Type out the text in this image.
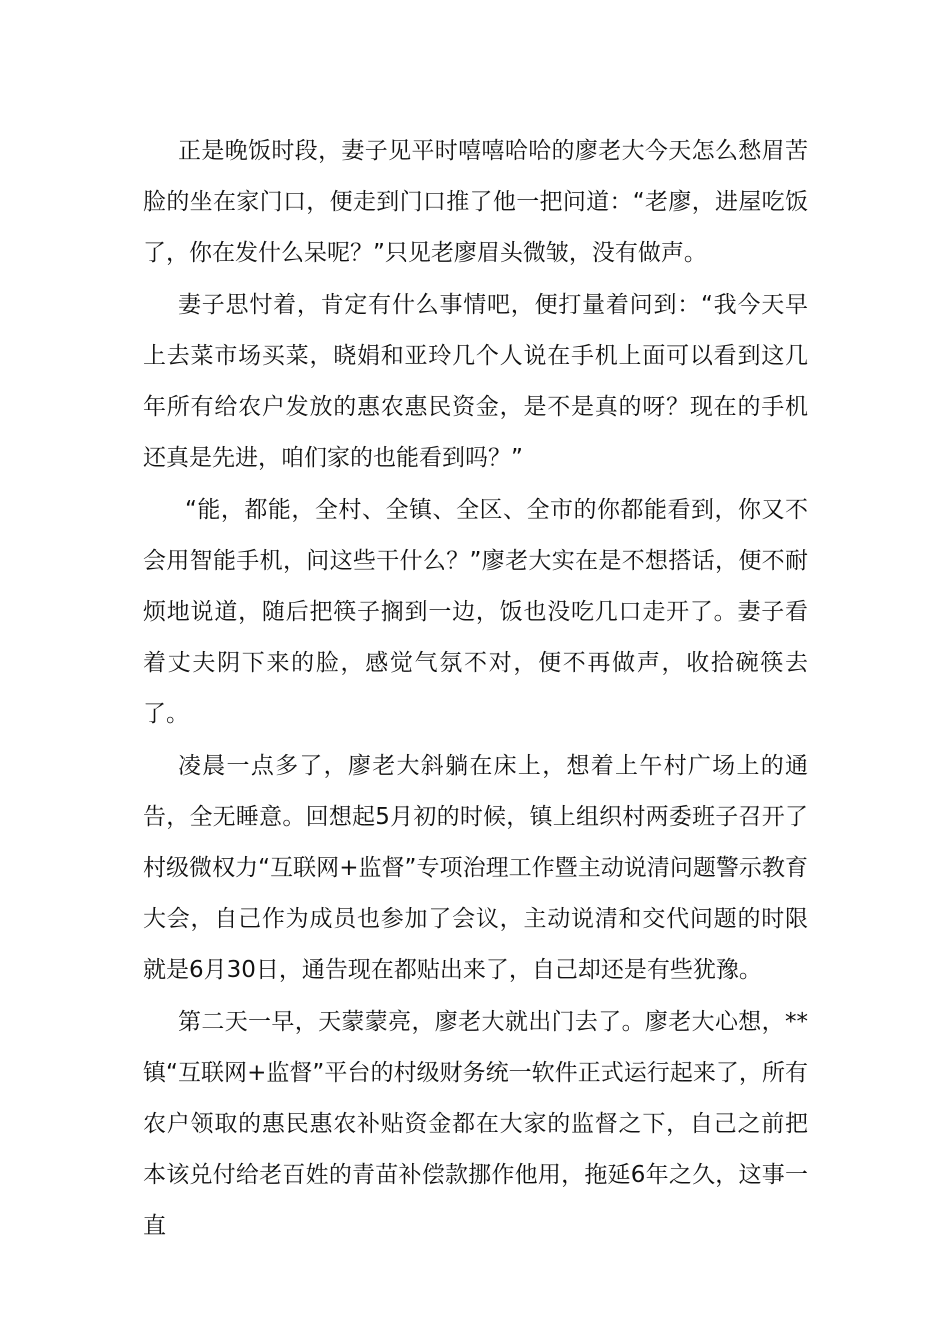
正是晚饭时段，妻子见平时嘻嘻哈哈的廖老大今天怎么愁眉苦脸的坐在家门口，便走到门口推了他一把问道：“老廖，进屋吃饭了，你在发什么呆呢？”只见老廖眉头微皱，没有做声。

妻子思忖着，肯定有什么事情吧，便打量着问到：“我今天早上去菜市场买菜，晓娟和亚玲几个人说在手机上面可以看到这几年所有给农户发放的惠农惠民资金，是不是真的呀？现在的手机还真是先进，咱们家的也能看到吗？”

“能，都能，全村、全镇、全区、全市的你都能看到，你又不会用智能手机，问这些干什么？”廖老大实在是不想搭话，便不耐烦地说道，随后把筷子搁到一边，饭也没吃几口走开了。妻子看着丈夫阴下来的脸，感觉气氛不对，便不再做声，收拾碗筷去了。

凌晨一点多了，廖老大斜躺在床上，想着上午村广场上的通告，全无睡意。回想起5月初的时候，镇上组织村两委班子召开了村级微权力“互联网+监督”专项治理工作暨主动说清问题警示教育大会，自己作为成员也参加了会议，主动说清和交代问题的时限就是6月30日，通告现在都贴出来了，自己却还是有些犹豫。

第二天一早，天蒙蒙亮，廖老大就出门去了。廖老大心想，**镇“互联网+监督”平台的村级财务统一软件正式运行起来了，所有农户领取的惠民惠农补贴资金都在大家的监督之下，自己之前把本该兑付给老百姓的青苗补偿款挪作他用，拖延6年之久，这事一直
